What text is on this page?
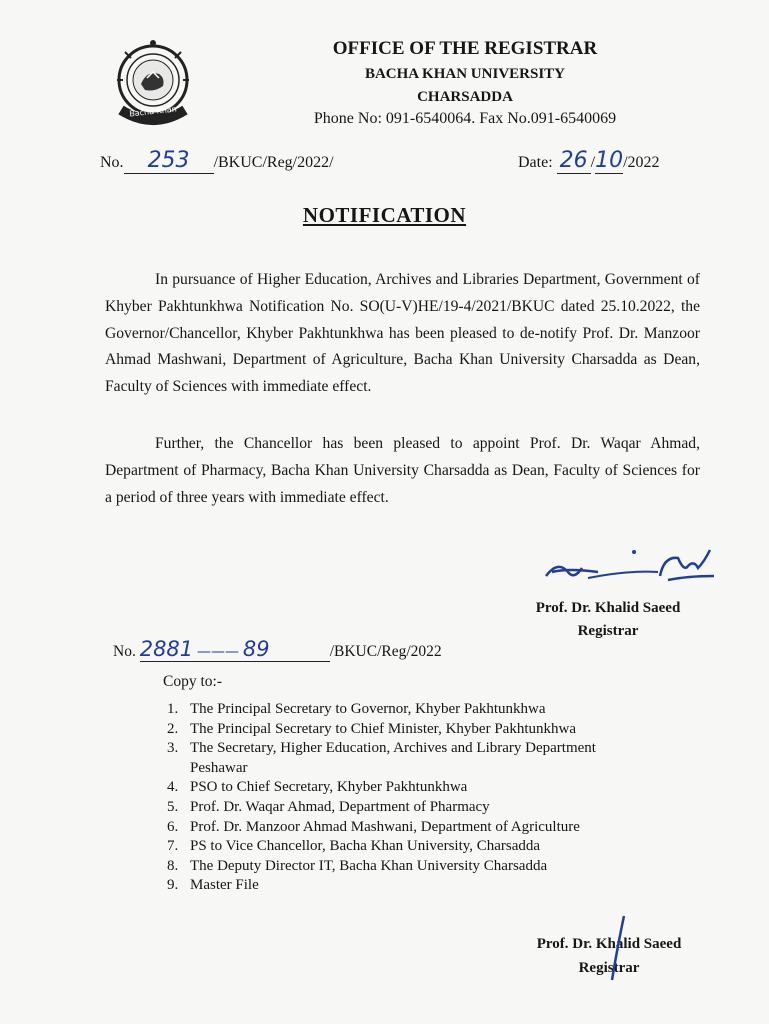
Bacha Khan
OFFICE OF THE REGISTRAR
BACHA KHAN UNIVERSITY
CHARSADDA
Phone No: 091-6540064. Fax No.091-6540069
No. 253 /BKUC/Reg/2022/	Date: 26 /10/2022
NOTIFICATION

In pursuance of Higher Education, Archives and Libraries Department, Government of Khyber Pakhtunkhwa Notification No. SO(U-V)HE/19-4/2021/BKUC dated 25.10.2022, the Governor/Chancellor, Khyber Pakhtunkhwa has been pleased to de-notify Prof. Dr. Manzoor Ahmad Mashwani, Department of Agriculture, Bacha Khan University Charsadda as Dean, Faculty of Sciences with immediate effect.

Further, the Chancellor has been pleased to appoint Prof. Dr. Waqar Ahmad, Department of Pharmacy, Bacha Khan University Charsadda as Dean, Faculty of Sciences for a period of three years with immediate effect.

Prof. Dr. Khalid Saeed
Registrar
No. 2881 ——— 89	/BKUC/Reg/2022
Copy to:-
1. The Principal Secretary to Governor, Khyber Pakhtunkhwa
2. The Principal Secretary to Chief Minister, Khyber Pakhtunkhwa
3. The Secretary, Higher Education, Archives and Library Department
Peshawar
4. PSO to Chief Secretary, Khyber Pakhtunkhwa
5. Prof. Dr. Waqar Ahmad, Department of Pharmacy
6. Prof. Dr. Manzoor Ahmad Mashwani, Department of Agriculture
7. PS to Vice Chancellor, Bacha Khan University, Charsadda
8. The Deputy Director IT, Bacha Khan University Charsadda
9. Master File
Prof. Dr. Khalid Saeed
Registrar
